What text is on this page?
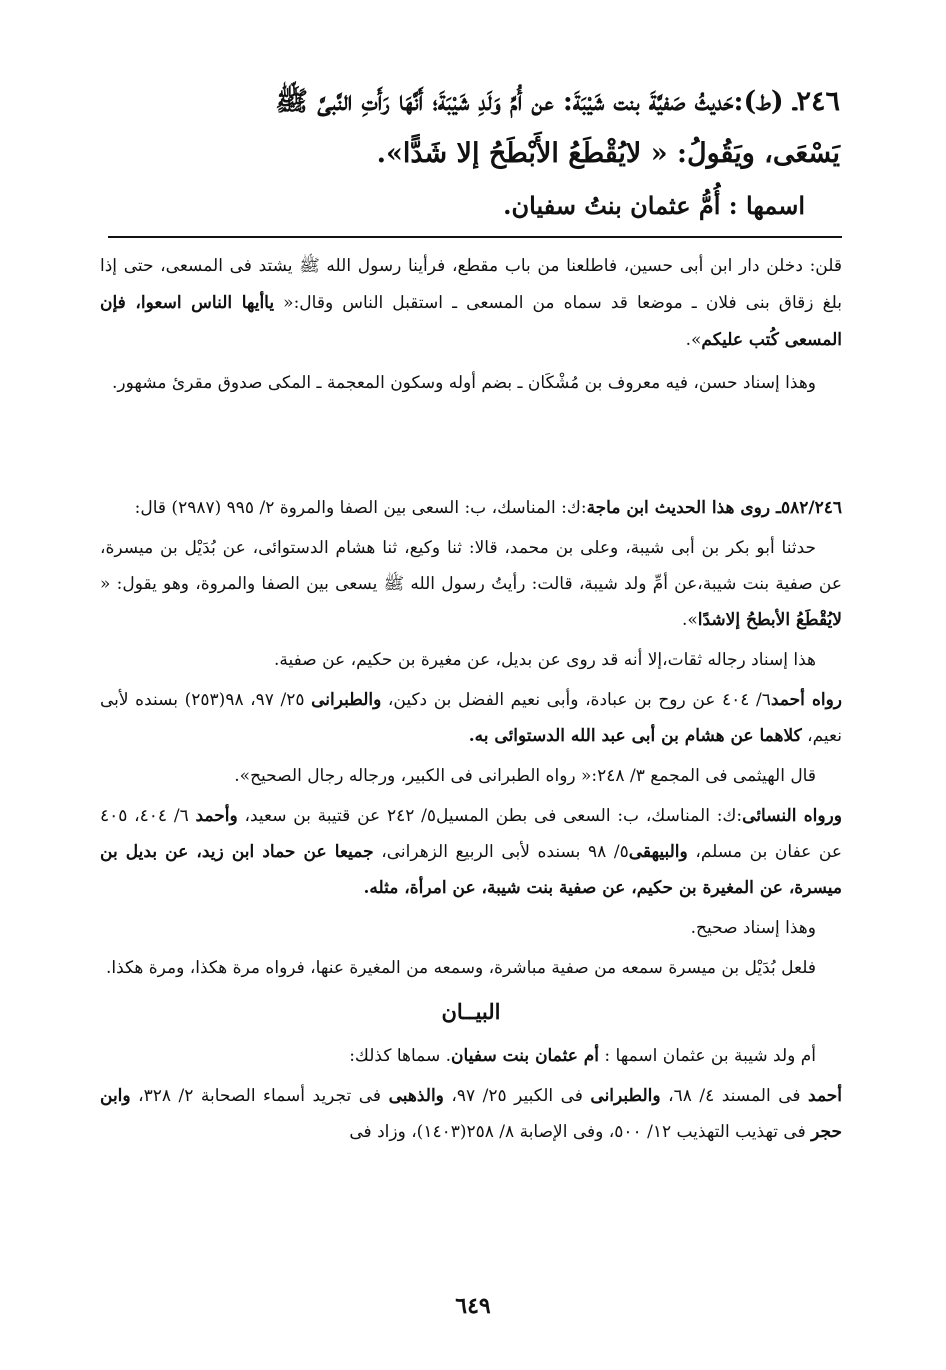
٢٤٦ـ (ط):حَديثُ صَفيَّةَ بنت شَيْبَةَ: عن أُمِّ وَلَدِ شَيْبَةَ؛ أَنَّهَا رَأَتِ النَّبىَّ ﷺ

يَسْعَى، ويَقُولُ: « لايُقْطَعُ الأَبْطَحُ إلا شَدًّا».

اسمها : أُمُّ عثمان بنتُ سفيان.

قلن: دخلن دار ابن أبى حسين، فاطلعنا من باب مقطع، فرأينا رسول الله ﷺ يشتد فى المسعى، حتى إذا بلغ زقاق بنى فلان ـ موضعا قد سماه من المسعى ـ استقبل الناس وقال:« ياأيها الناس اسعوا، فإن المسعى كُتب عليكم».

وهذا إسناد حسن، فيه معروف بن مُشْكَان ـ بضم أوله وسكون المعجمة ـ المكى صدوق مقرئ مشهور.

٥٨٢/٢٤٦ـ روى هذا الحديث ابن ماجة:ك: المناسك، ب: السعى بين الصفا والمروة ٢/ ٩٩٥ (٢٩٨٧) قال:

حدثنا أبو بكر بن أبى شيبة، وعلى بن محمد، قالا: ثنا وكيع، ثنا هشام الدستوائى، عن بُدَيْل بن ميسرة، عن صفية بنت شيبة،عن أمِّ ولد شيبة، قالت: رأيتُ رسول الله ﷺ يسعى بين الصفا والمروة، وهو يقول: « لايُقْطَعُ الأبطحُ إلاشدًا».

هذا إسناد رجاله ثقات،إلا أنه قد روى عن بديل، عن مغيرة بن حكيم، عن صفية.

رواه أحمد٦/ ٤٠٤ عن روح بن عبادة، وأبى نعيم الفضل بن دكين، والطبرانى ٢٥/ ٩٧، ٩٨(٢٥٣) بسنده لأبى نعيم، كلاهما عن هشام بن أبى عبد الله الدستوائى به.

قال الهيثمى فى المجمع ٣/ ٢٤٨:« رواه الطبرانى فى الكبير، ورجاله رجال الصحيح».

ورواه النسائى:ك: المناسك، ب: السعى فى بطن المسيل٥/ ٢٤٢ عن قتيبة بن سعيد، وأحمد ٦/ ٤٠٤، ٤٠٥ عن عفان بن مسلم، والبيهقى٥/ ٩٨ بسنده لأبى الربيع الزهرانى، جميعا عن حماد ابن زيد، عن بديل بن ميسرة، عن المغيرة بن حكيم، عن صفية بنت شيبة، عن امرأة، مثله.

وهذا إسناد صحيح.

فلعل بُدَيْل بن ميسرة سمعه من صفية مباشرة، وسمعه من المغيرة عنها، فرواه مرة هكذا، ومرة هكذا.

البيــان

أم ولد شيبة بن عثمان اسمها : أم عثمان بنت سفيان. سماها كذلك:

أحمد فى المسند ٤/ ٦٨، والطبرانى فى الكبير ٢٥/ ٩٧، والذهبى فى تجريد أسماء الصحابة ٢/ ٣٢٨، وابن حجر فى تهذيب التهذيب ١٢/ ٥٠٠، وفى الإصابة ٨/ ٢٥٨(١٤٠٣)، وزاد فى

٦٤٩
